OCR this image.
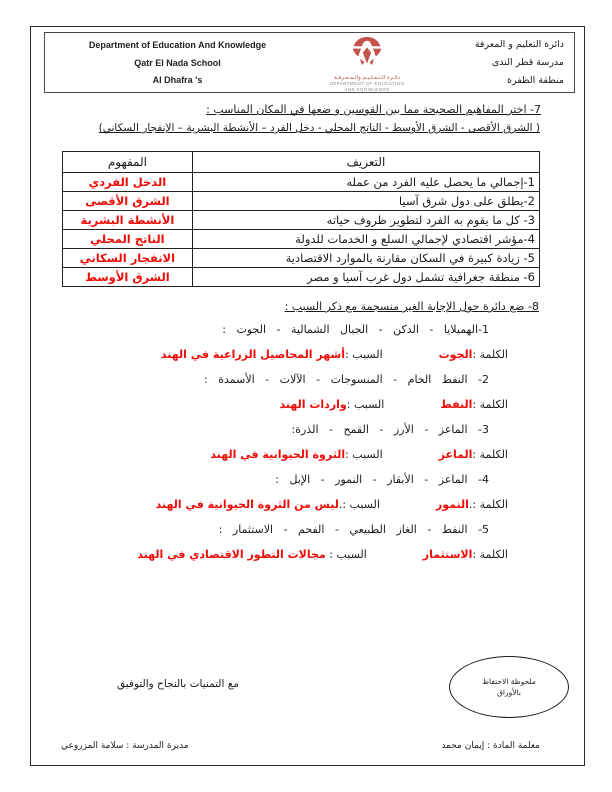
Department of Education And Knowledge
Qatr El Nada School
Al Dhafra 's	دائـرة الـتـعـلـيـم والـمـعـرفـة
DEPARTMENT OF EDUCATION
AND KNOWLEDGE
دائرة التعليم و المعرفة
مدرسة قطر الندى
منطقة الظفرة
7- اختر المفاهيم الصحيحة مما بين القوسين و ضعها في المكان المناسب :
( الشرق الأقصى - الشرق الأوسط - الناتج المحلي - دخل الفرد – الأنشطة البشرية – الإنفجار السكاني)
التعريف	المفهوم
1-إجمالي ما يحصل عليه الفرد من عمله	الدخل الفردي
2-يطلق على دول شرق آسيا	الشرق الأقصى
3- كل ما يقوم به الفرد لتطوير ظروف حياته	الأنشطة البشرية
4-مؤشر اقتصادي لإجمالي السلع و الخدمات للدولة	الناتج المحلي
5- زيادة كبيرة في السكان مقارنة بالموارد الاقتصادية	الانفجار السكاني
6- منطقة جغرافية تشمل دول غرب آسيا و مصر	الشرق الأوسط
8- ضع دائرة حول الإجابة الغير منسجمة مع ذكر السبب :
1-الهميلايا - الدكن - الجبال الشمالية - الجوت :
الكلمة :الجوت
السبب :أشهر المحاصيل الزراعية في الهند
2- النفط الخام - المنسوجات - الآلات - الأسمدة :
الكلمة :النفط
السبب :واردات الهند
3- الماعز - الأرز - القمح - الذرة:
الكلمة :الماعز
السبب :الثروة الحيوانية في الهند
4- الماعز - الأبقار - النمور - الإبل :
الكلمة :.النمور
السبب :.ليس من الثروة الحيوانية في الهند
5- النفط - الغاز الطبيعي - الفحم - الاستثمار :
الكلمة :الاستثمار
السبب : مجالات التطور الاقتصادي في الهند
ملحوظة الاحتفاظ
بالأوراق
مع التمنيات بالنجاح والتوفيق
مديرة المدرسة : سلامة المزروعي	معلمة المادة : إيمان محمد
